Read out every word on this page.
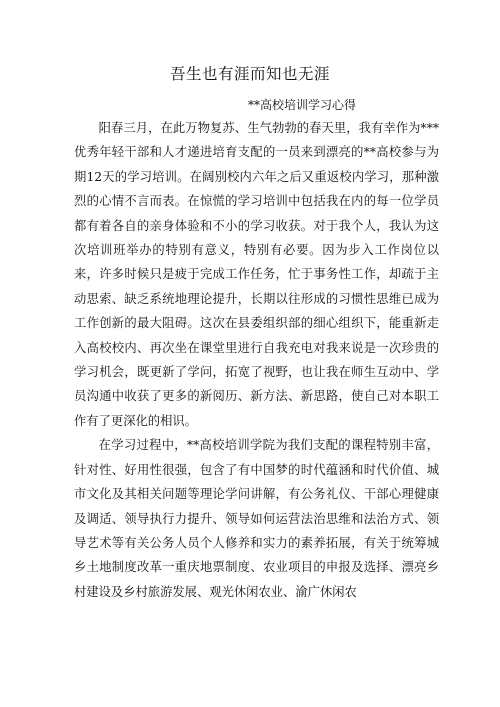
吾生也有涯而知也无涯
**高校培训学习心得

阳春三月，在此万物复苏、生气勃勃的春天里，我有幸作为***优秀年轻干部和人才递进培育支配的一员来到漂亮的**高校参与为期12天的学习培训。在阔别校内六年之后又重返校内学习，那种激烈的心情不言而表。在惊慌的学习培训中包括我在内的每一位学员都有着各自的亲身体验和不小的学习收获。对于我个人，我认为这次培训班举办的特别有意义，特别有必要。因为步入工作岗位以来，许多时候只是疲于完成工作任务，忙于事务性工作，却疏于主动思索、缺乏系统地理论提升，长期以往形成的习惯性思维已成为工作创新的最大阻碍。这次在县委组织部的细心组织下，能重新走入高校校内、再次坐在课堂里进行自我充电对我来说是一次珍贵的学习机会，既更新了学问，拓宽了视野，也让我在师生互动中、学员沟通中收获了更多的新阅历、新方法、新思路，使自己对本职工作有了更深化的相识。

在学习过程中，**高校培训学院为我们支配的课程特别丰富，针对性、好用性很强，包含了有中国梦的时代蕴涵和时代价值、城市文化及其相关问题等理论学问讲解，有公务礼仪、干部心理健康及调适、领导执行力提升、领导如何运营法治思维和法治方式、领导艺术等有关公务人员个人修养和实力的素养拓展，有关于统筹城乡土地制度改革一重庆地票制度、农业项目的申报及选择、漂亮乡村建设及乡村旅游发展、观光休闲农业、渝广休闲农
